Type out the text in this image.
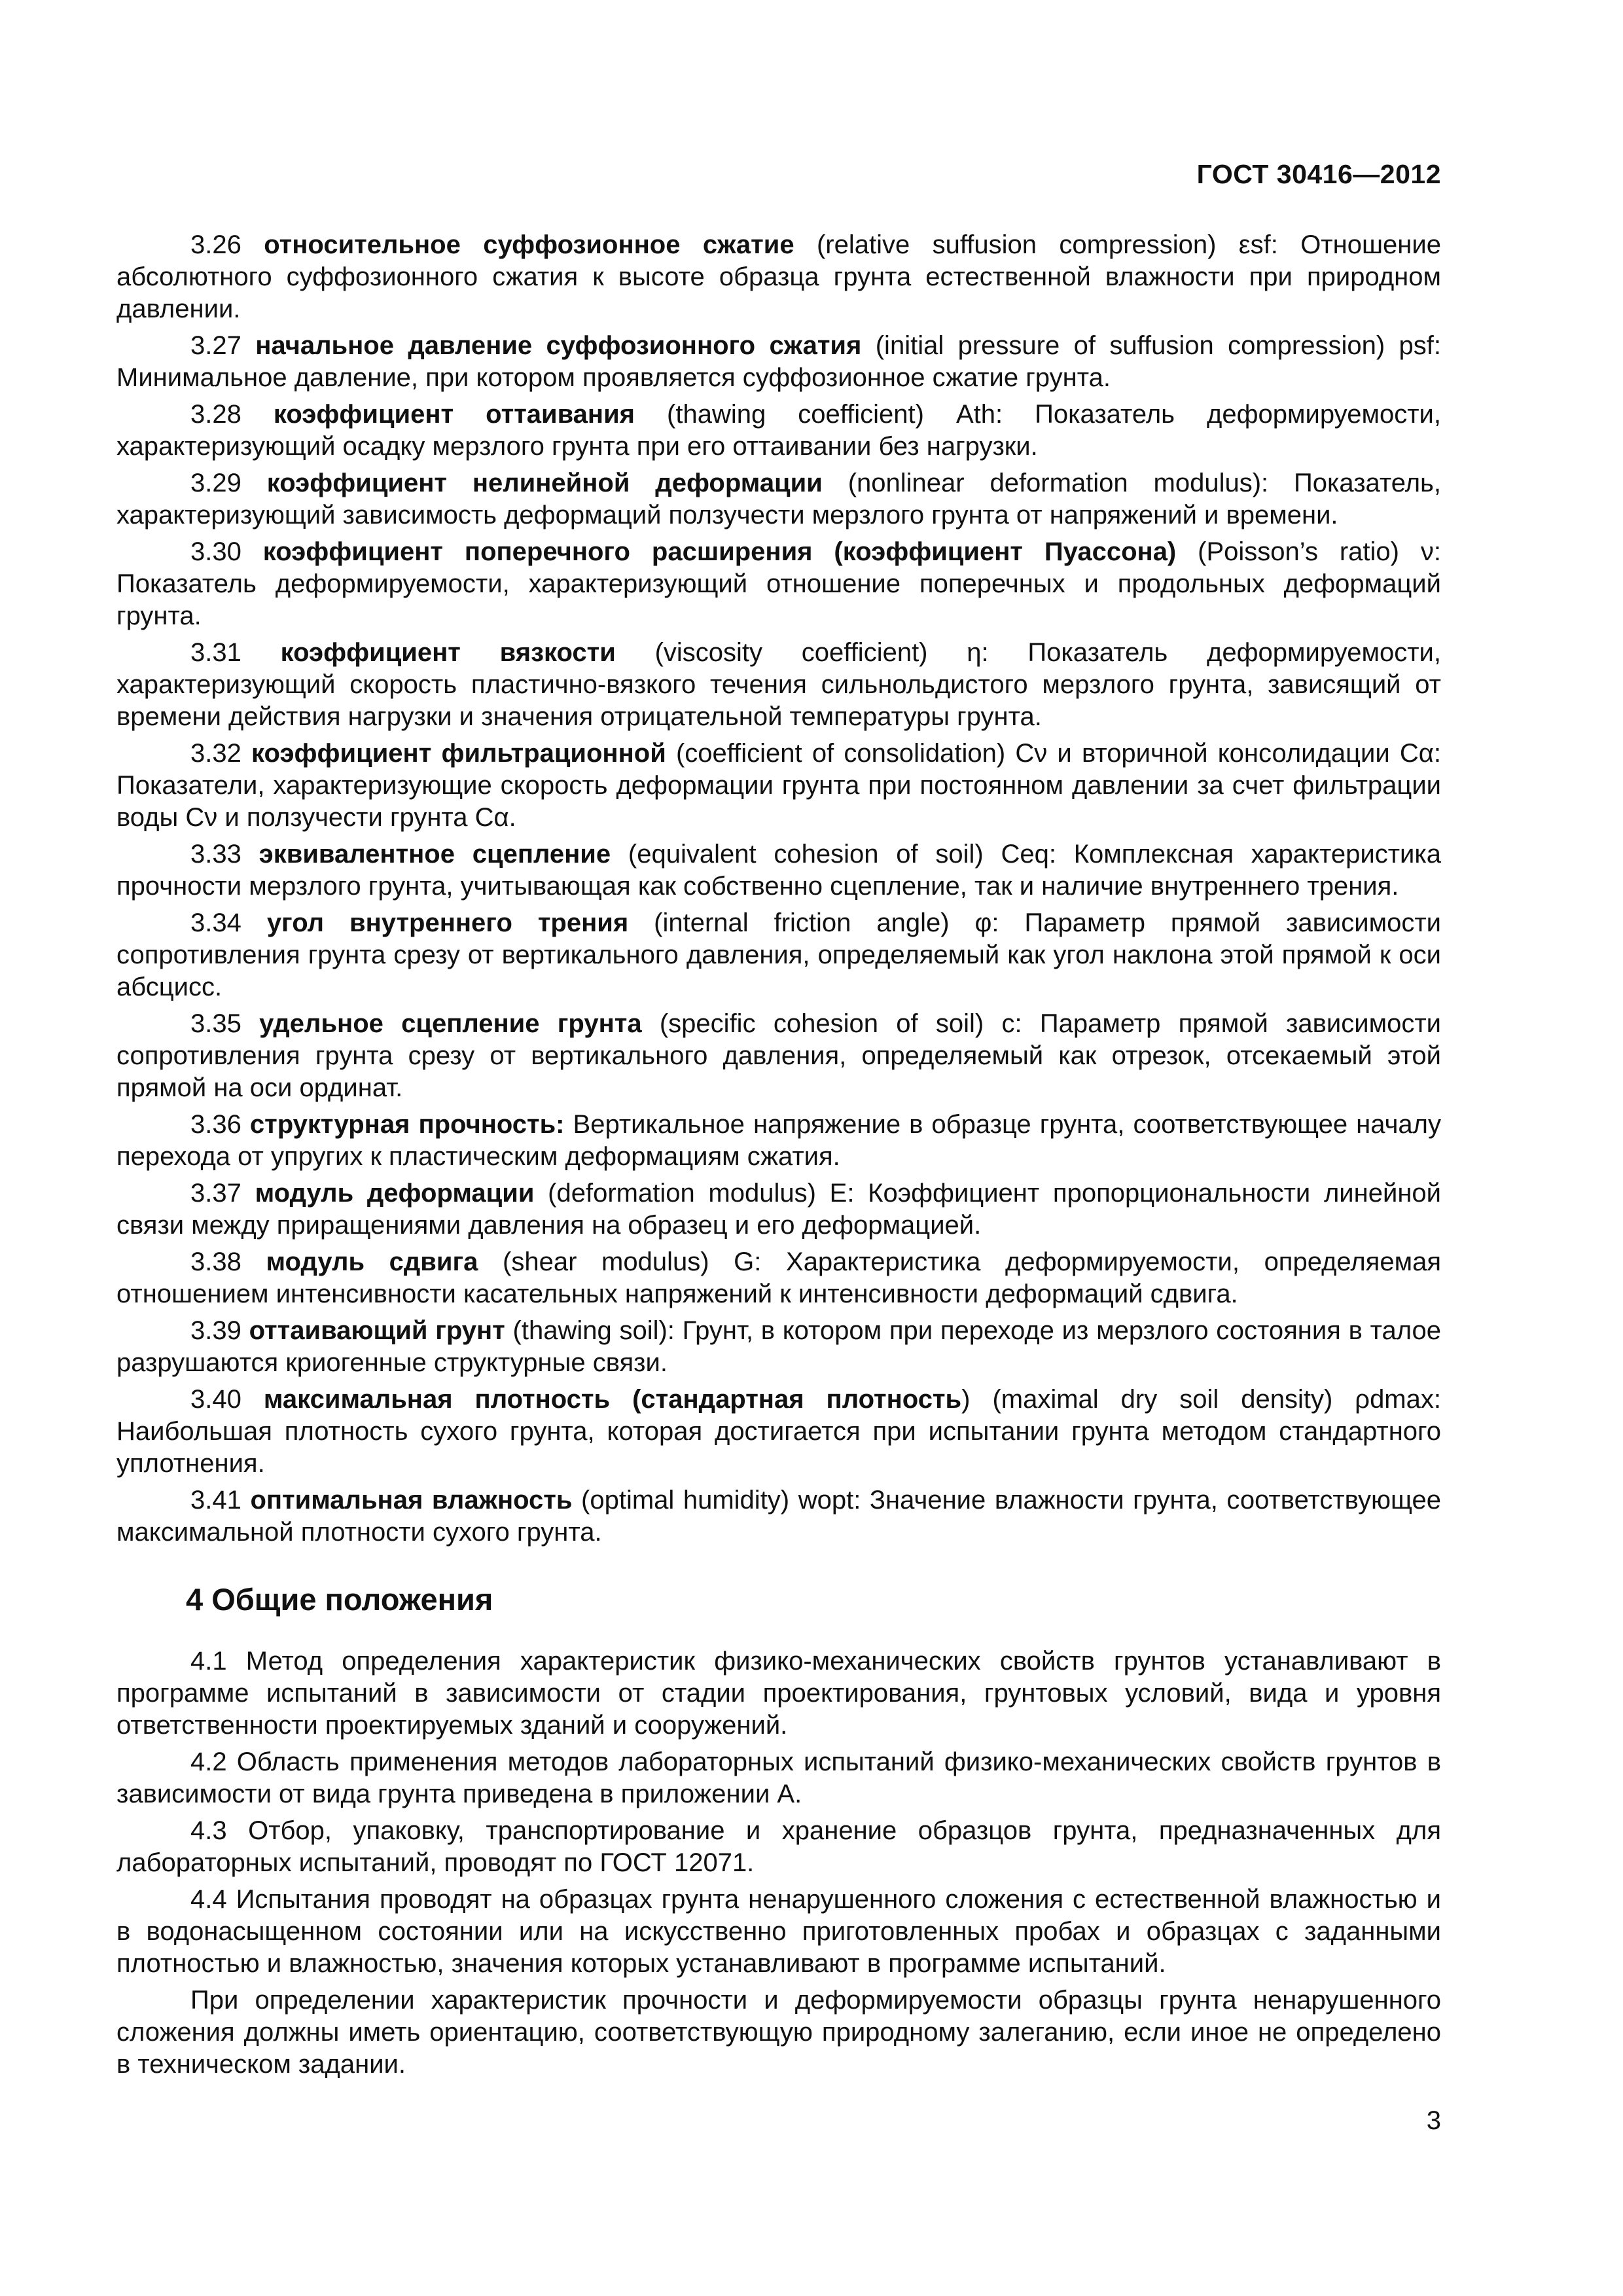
ГОСТ 30416—2012

3.26 относительное суффозионное сжатие (relative suffusion compression) εsf: Отношение абсолютного суффозионного сжатия к высоте образца грунта естественной влажности при природном давлении.

3.27 начальное давление суффозионного сжатия (initial pressure of suffusion compression) psf: Минимальное давление, при котором проявляется суффозионное сжатие грунта.

3.28 коэффициент оттаивания (thawing coefficient) Ath: Показатель деформируемости, характеризующий осадку мерзлого грунта при его оттаивании без нагрузки.

3.29 коэффициент нелинейной деформации (nonlinear deformation modulus): Показатель, характеризующий зависимость деформаций ползучести мерзлого грунта от напряжений и времени.

3.30 коэффициент поперечного расширения (коэффициент Пуассона) (Poisson’s ratio) ν: Показатель деформируемости, характеризующий отношение поперечных и продольных деформаций грунта.

3.31 коэффициент вязкости (viscosity coefficient) η: Показатель деформируемости, характеризующий скорость пластично-вязкого течения сильнольдистого мерзлого грунта, зависящий от времени действия нагрузки и значения отрицательной температуры грунта.

3.32 коэффициент фильтрационной (coefficient of consolidation) Cν и вторичной консолидации Cα: Показатели, характеризующие скорость деформации грунта при постоянном давлении за счет фильтрации воды Cν и ползучести грунта Cα.

3.33 эквивалентное сцепление (equivalent cohesion of soil) Ceq: Комплексная характеристика прочности мерзлого грунта, учитывающая как собственно сцепление, так и наличие внутреннего трения.

3.34 угол внутреннего трения (internal friction angle) φ: Параметр прямой зависимости сопротивления грунта срезу от вертикального давления, определяемый как угол наклона этой прямой к оси абсцисс.

3.35 удельное сцепление грунта (specific cohesion of soil) c: Параметр прямой зависимости сопротивления грунта срезу от вертикального давления, определяемый как отрезок, отсекаемый этой прямой на оси ординат.

3.36 структурная прочность: Вертикальное напряжение в образце грунта, соответствующее началу перехода от упругих к пластическим деформациям сжатия.

3.37 модуль деформации (deformation modulus) E: Коэффициент пропорциональности линейной связи между приращениями давления на образец и его деформацией.

3.38 модуль сдвига (shear modulus) G: Характеристика деформируемости, определяемая отношением интенсивности касательных напряжений к интенсивности деформаций сдвига.

3.39 оттаивающий грунт (thawing soil): Грунт, в котором при переходе из мерзлого состояния в талое разрушаются криогенные структурные связи.

3.40 максимальная плотность (стандартная плотность) (maximal dry soil density) ρdmax: Наибольшая плотность сухого грунта, которая достигается при испытании грунта методом стандартного уплотнения.

3.41 оптимальная влажность (optimal humidity) wopt: Значение влажности грунта, соответствующее максимальной плотности сухого грунта.

4 Общие положения

4.1 Метод определения характеристик физико-механических свойств грунтов устанавливают в программе испытаний в зависимости от стадии проектирования, грунтовых условий, вида и уровня ответственности проектируемых зданий и сооружений.

4.2 Область применения методов лабораторных испытаний физико-механических свойств грунтов в зависимости от вида грунта приведена в приложении А.

4.3 Отбор, упаковку, транспортирование и хранение образцов грунта, предназначенных для лабораторных испытаний, проводят по ГОСТ 12071.

4.4 Испытания проводят на образцах грунта ненарушенного сложения с естественной влажностью и в водонасыщенном состоянии или на искусственно приготовленных пробах и образцах с заданными плотностью и влажностью, значения которых устанавливают в программе испытаний.

При определении характеристик прочности и деформируемости образцы грунта ненарушенного сложения должны иметь ориентацию, соответствующую природному залеганию, если иное не определено в техническом задании.

3
